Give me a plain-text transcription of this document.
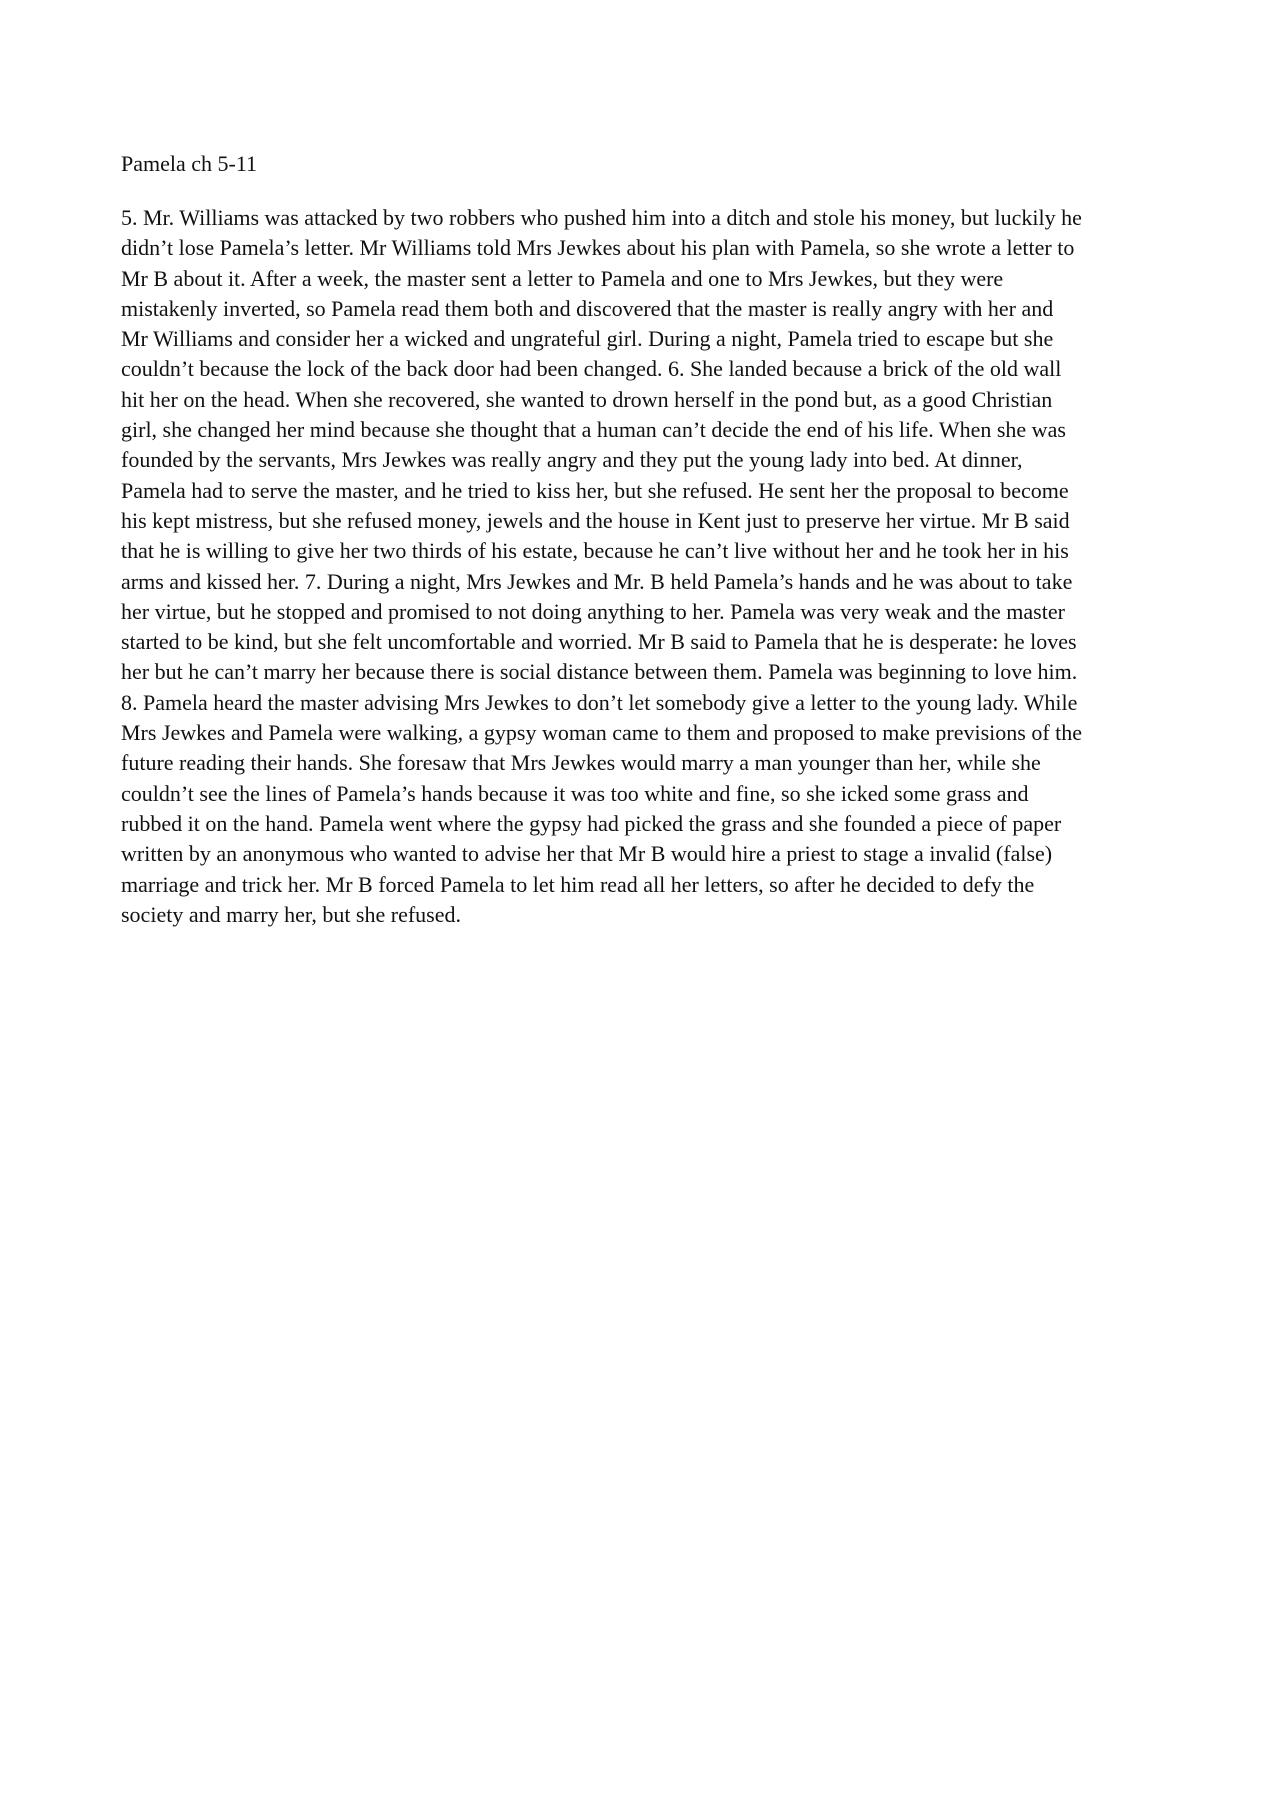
Pamela ch 5-11

5. Mr. Williams was attacked by two robbers who pushed him into a ditch and stole his money, but luckily he
didn’t lose Pamela’s letter. Mr Williams told Mrs Jewkes about his plan with Pamela, so she wrote a letter to
Mr B about it. After a week, the master sent a letter to Pamela and one to Mrs Jewkes, but they were
mistakenly inverted, so Pamela read them both and discovered that the master is really angry with her and
Mr Williams and consider her a wicked and ungrateful girl. During a night, Pamela tried to escape but she
couldn’t because the lock of the back door had been changed. 6. She landed because a brick of the old wall
hit her on the head. When she recovered, she wanted to drown herself in the pond but, as a good Christian
girl, she changed her mind because she thought that a human can’t decide the end of his life. When she was
founded by the servants, Mrs Jewkes was really angry and they put the young lady into bed. At dinner,
Pamela had to serve the master, and he tried to kiss her, but she refused. He sent her the proposal to become
his kept mistress, but she refused money, jewels and the house in Kent just to preserve her virtue. Mr B said
that he is willing to give her two thirds of his estate, because he can’t live without her and he took her in his
arms and kissed her. 7. During a night, Mrs Jewkes and Mr. B held Pamela’s hands and he was about to take
her virtue, but he stopped and promised to not doing anything to her. Pamela was very weak and the master
started to be kind, but she felt uncomfortable and worried. Mr B said to Pamela that he is desperate: he loves
her but he can’t marry her because there is social distance between them. Pamela was beginning to love him.
8. Pamela heard the master advising Mrs Jewkes to don’t let somebody give a letter to the young lady. While
Mrs Jewkes and Pamela were walking, a gypsy woman came to them and proposed to make previsions of the
future reading their hands. She foresaw that Mrs Jewkes would marry a man younger than her, while she
couldn’t see the lines of Pamela’s hands because it was too white and fine, so she icked some grass and
rubbed it on the hand. Pamela went where the gypsy had picked the grass and she founded a piece of paper
written by an anonymous who wanted to advise her that Mr B would hire a priest to stage a invalid (false)
marriage and trick her. Mr B forced Pamela to let him read all her letters, so after he decided to defy the
society and marry her, but she refused.
